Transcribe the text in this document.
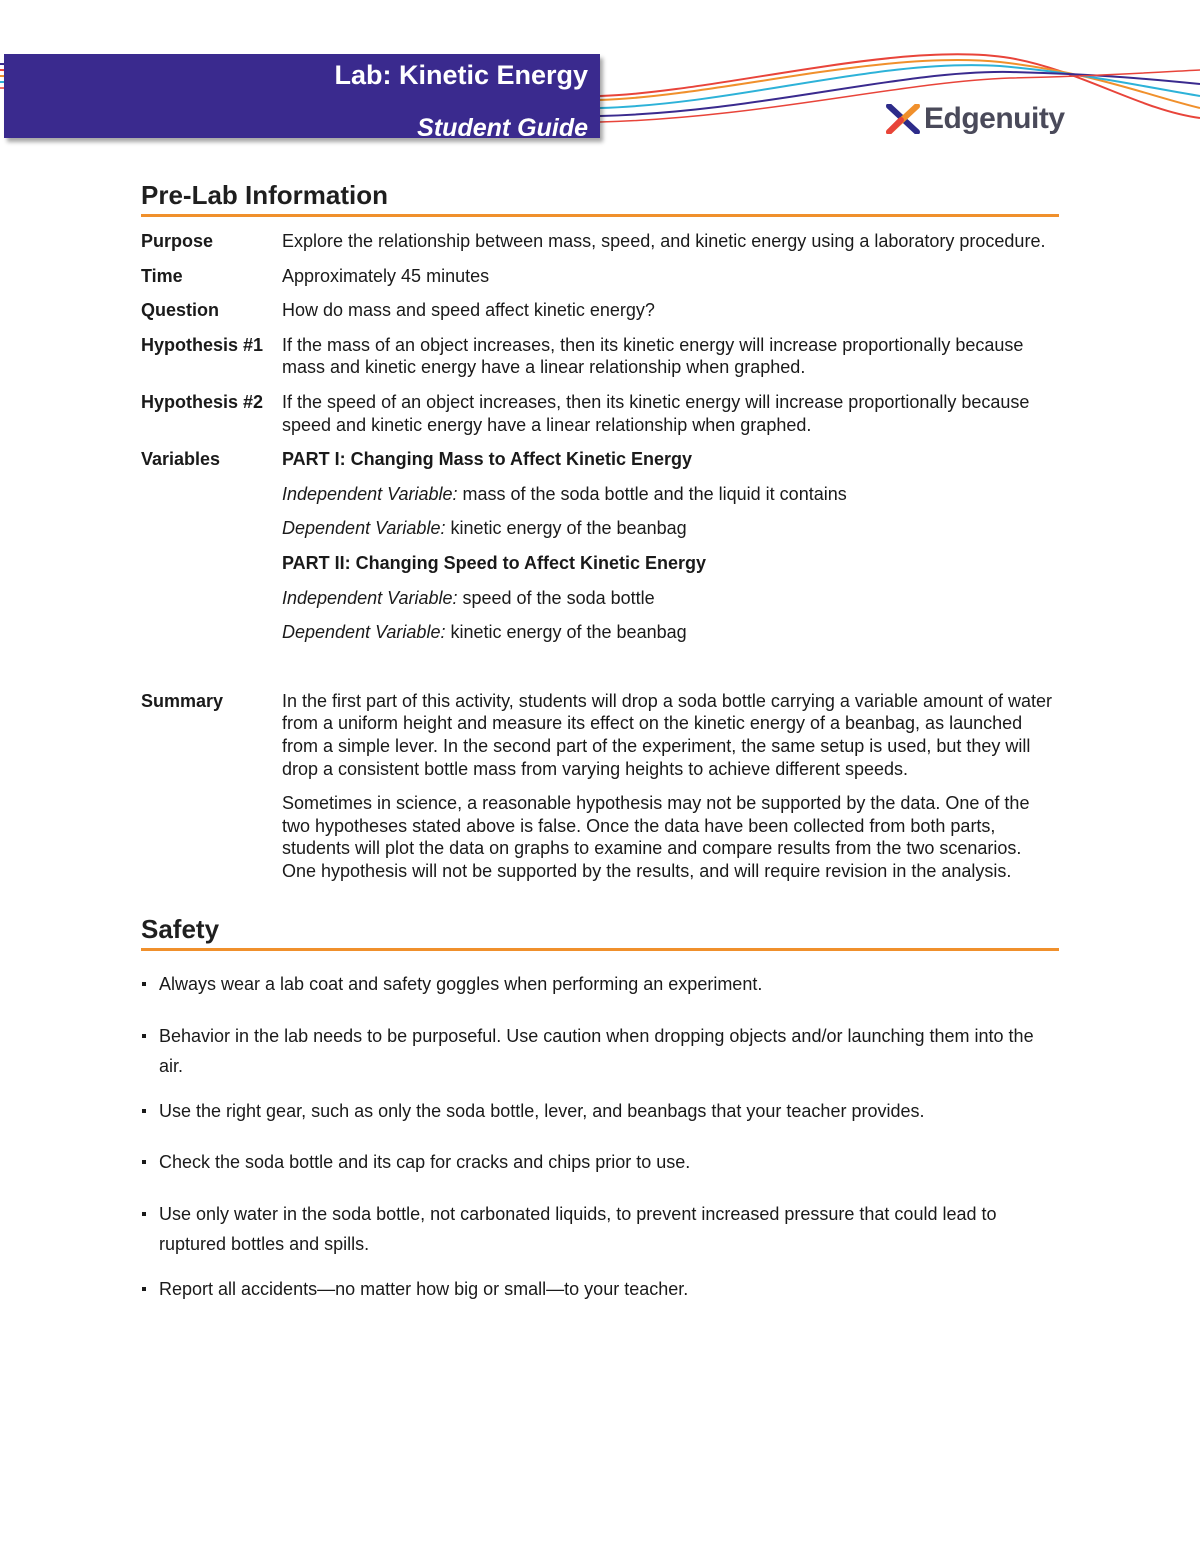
Lab: Kinetic Energy
Student Guide	Edgenuity
Pre-Lab Information
Purpose	Explore the relationship between mass, speed, and kinetic energy using a laboratory procedure.
Time	Approximately 45 minutes
Question	How do mass and speed affect kinetic energy?
Hypothesis #1	If the mass of an object increases, then its kinetic energy will increase proportionally because mass and kinetic energy have a linear relationship when graphed.
Hypothesis #2	If the speed of an object increases, then its kinetic energy will increase proportionally because speed and kinetic energy have a linear relationship when graphed.
Variables	PART I: Changing Mass to Affect Kinetic Energy

Independent Variable: mass of the soda bottle and the liquid it contains

Dependent Variable: kinetic energy of the beanbag

PART II: Changing Speed to Affect Kinetic Energy

Independent Variable: speed of the soda bottle

Dependent Variable: kinetic energy of the beanbag

Summary	In the first part of this activity, students will drop a soda bottle carrying a variable amount of water from a uniform height and measure its effect on the kinetic energy of a beanbag, as launched from a simple lever. In the second part of the experiment, the same setup is used, but they will drop a consistent bottle mass from varying heights to achieve different speeds.

Sometimes in science, a reasonable hypothesis may not be supported by the data. One of the two hypotheses stated above is false. Once the data have been collected from both parts, students will plot the data on graphs to examine and compare results from the two scenarios. One hypothesis will not be supported by the results, and will require revision in the analysis.

Safety
Always wear a lab coat and safety goggles when performing an experiment.
Behavior in the lab needs to be purposeful. Use caution when dropping objects and/or launching them into the air.
Use the right gear, such as only the soda bottle, lever, and beanbags that your teacher provides.
Check the soda bottle and its cap for cracks and chips prior to use.
Use only water in the soda bottle, not carbonated liquids, to prevent increased pressure that could lead to ruptured bottles and spills.
Report all accidents—no matter how big or small—to your teacher.
